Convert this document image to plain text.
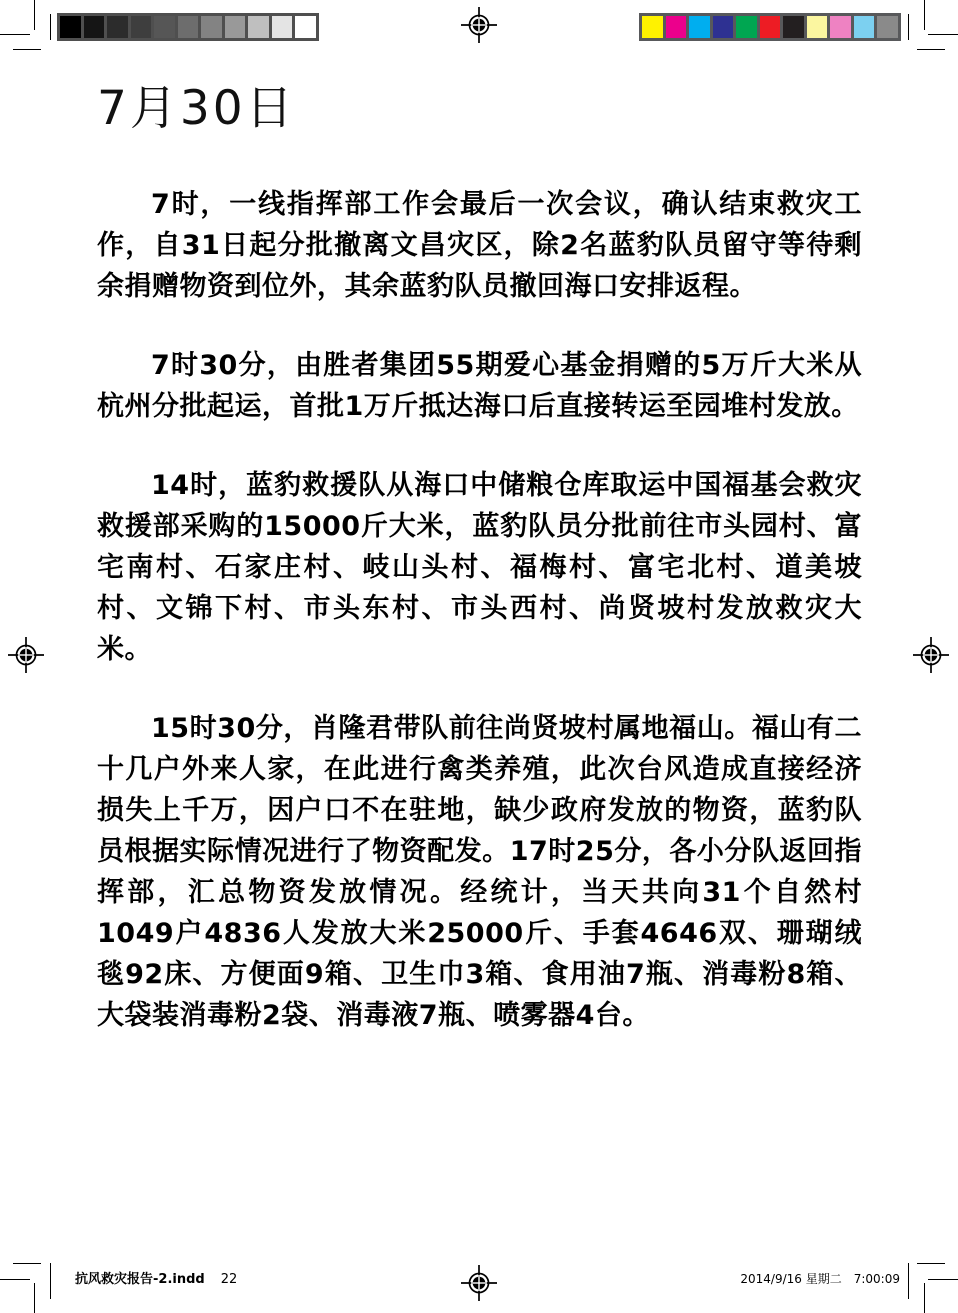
7月30日

7时，一线指挥部工作会最后一次会议，确认结束救灾工作，自31日起分批撤离文昌灾区，除2名蓝豹队员留守等待剩余捐赠物资到位外，其余蓝豹队员撤回海口安排返程。

7时30分，由胜者集团55期爱心基金捐赠的5万斤大米从杭州分批起运，首批1万斤抵达海口后直接转运至园堆村发放。

14时，蓝豹救援队从海口中储粮仓库取运中国福基会救灾救援部采购的15000斤大米，蓝豹队员分批前往市头园村、富宅南村、石家庄村、岐山头村、福梅村、富宅北村、道美坡村、文锦下村、市头东村、市头西村、尚贤坡村发放救灾大米。

15时30分，肖隆君带队前往尚贤坡村属地福山。福山有二十几户外来人家，在此进行禽类养殖，此次台风造成直接经济损失上千万，因户口不在驻地，缺少政府发放的物资，蓝豹队员根据实际情况进行了物资配发。17时25分，各小分队返回指挥部，汇总物资发放情况。经统计，当天共向31个自然村1049户4836人发放大米25000斤、手套4646双、珊瑚绒毯92床、方便面9箱、卫生巾3箱、食用油7瓶、消毒粉8箱、大袋装消毒粉2袋、消毒液7瓶、喷雾器4台。

抗风救灾报告-2.indd 22	2014/9/16 星期二 7:00:09
